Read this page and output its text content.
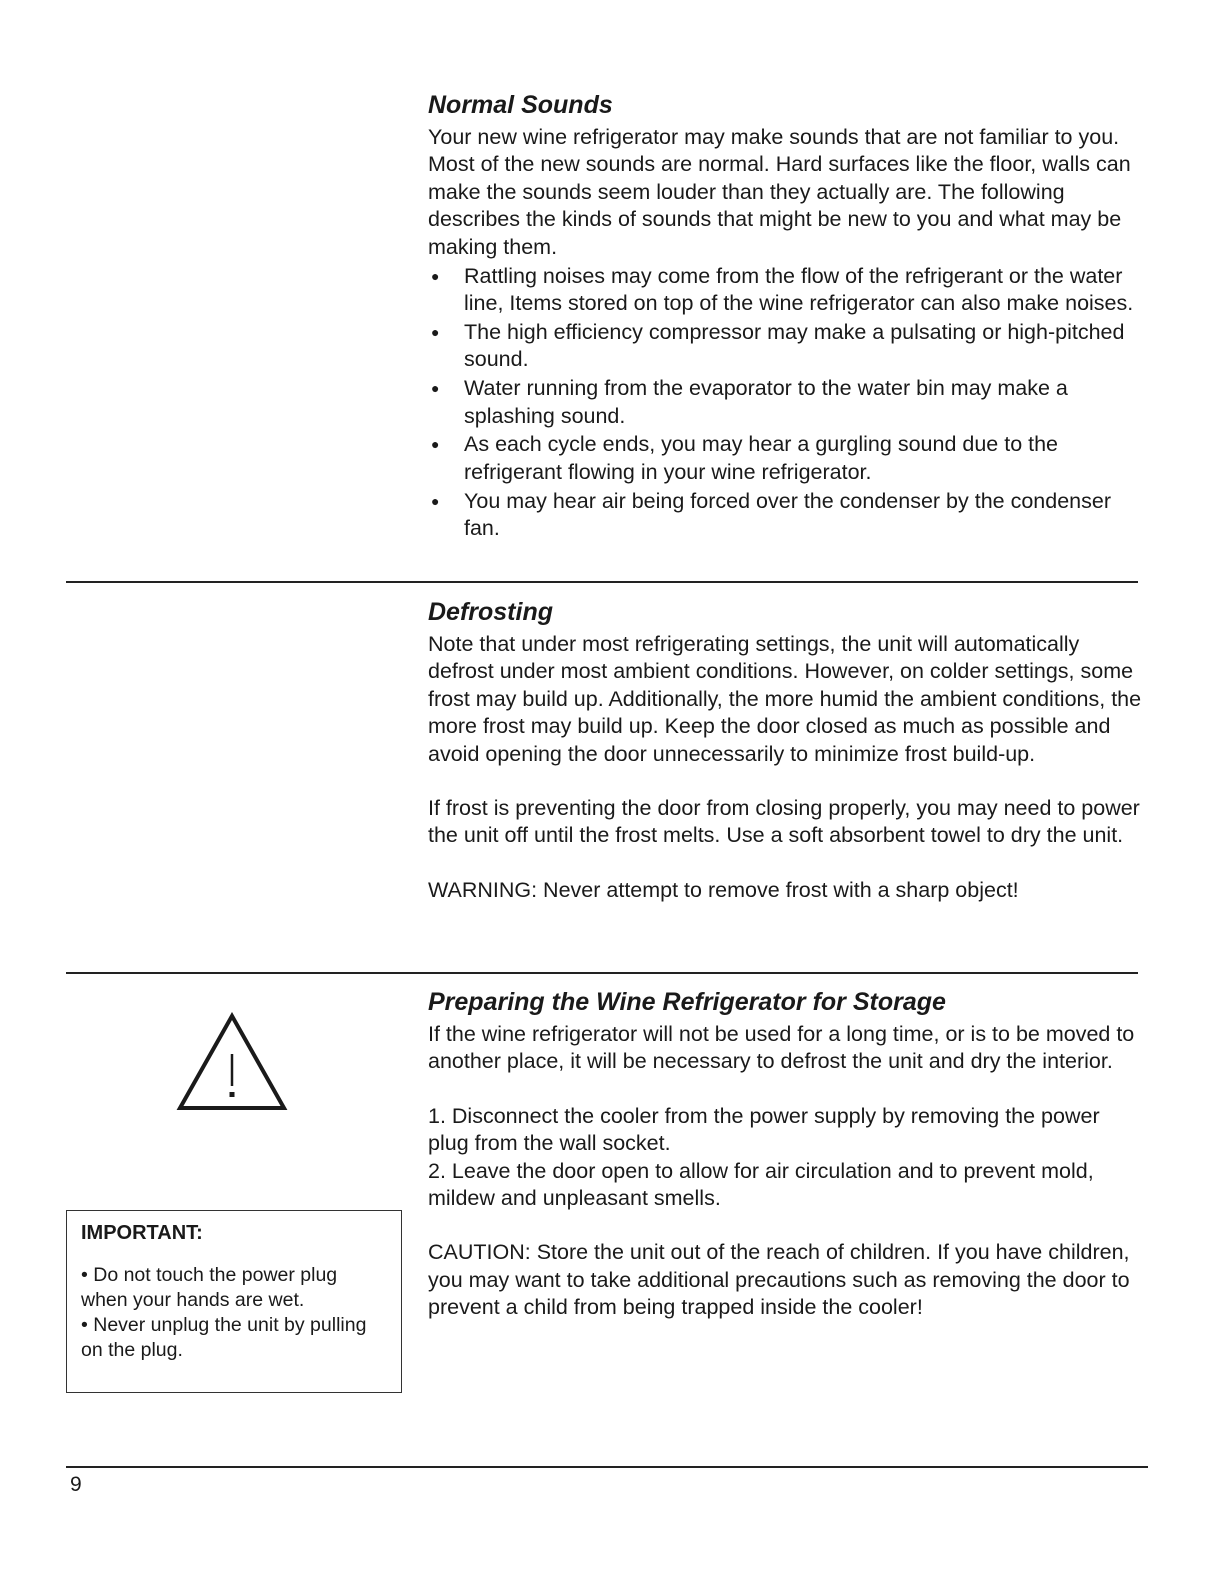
Normal Sounds

Your new wine refrigerator may make sounds that are not familiar to you. Most of the new sounds are normal. Hard surfaces like the floor, walls can make the sounds seem louder than they actually are. The following describes the kinds of sounds that might be new to you and what may be making them.

● Rattling noises may come from the flow of the refrigerant or the water line, Items stored on top of the wine refrigerator can also make noises.
● The high efficiency compressor may make a pulsating or high-pitched sound.
● Water running from the evaporator to the water bin may make a splashing sound.
● As each cycle ends, you may hear a gurgling sound due to the refrigerant flowing in your wine refrigerator.
● You may hear air being forced over the condenser by the condenser fan.
Defrosting

Note that under most refrigerating settings, the unit will automatically defrost under most ambient conditions. However, on colder settings, some frost may build up. Additionally, the more humid the ambient conditions, the more frost may build up. Keep the door closed as much as possible and avoid opening the door unnecessarily to minimize frost build-up.

If frost is preventing the door from closing properly, you may need to power the unit off until the frost melts. Use a soft absorbent towel to dry the unit.

WARNING: Never attempt to remove frost with a sharp object!

Preparing the Wine Refrigerator for Storage

If the wine refrigerator will not be used for a long time, or is to be moved to another place, it will be necessary to defrost the unit and dry the interior.

1. Disconnect the cooler from the power supply by removing the power plug from the wall socket.

2. Leave the door open to allow for air circulation and to prevent mold, mildew and unpleasant smells.

CAUTION: Store the unit out of the reach of children. If you have children, you may want to take additional precautions such as removing the door to prevent a child from being trapped inside the cooler!

IMPORTANT:

• Do not touch the power plug when your hands are wet.

• Never unplug the unit by pulling on the plug.

9
